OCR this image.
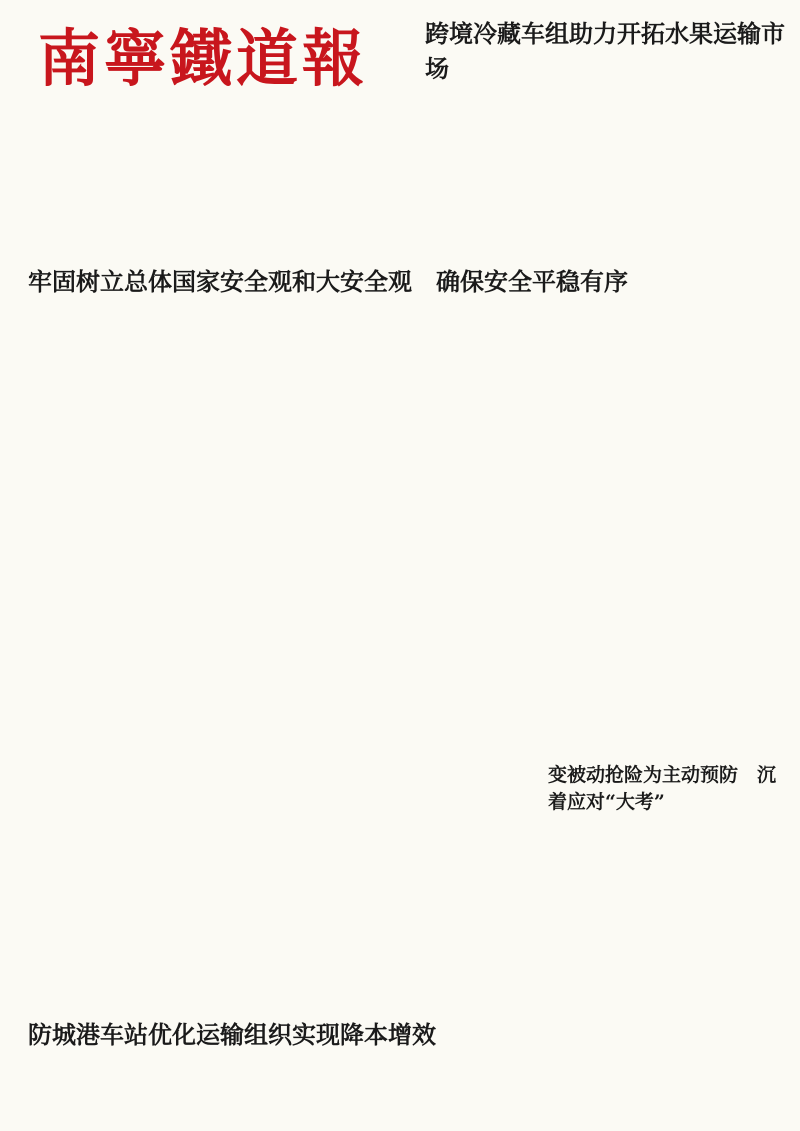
南寧鐵道報 跨境冷藏车组助力开拓水果运输市场
牢固树立总体国家安全观和大安全观　确保安全平稳有序
变被动抢险为主动预防　沉着应对“大考”
防城港车站优化运输组织实现降本增效
